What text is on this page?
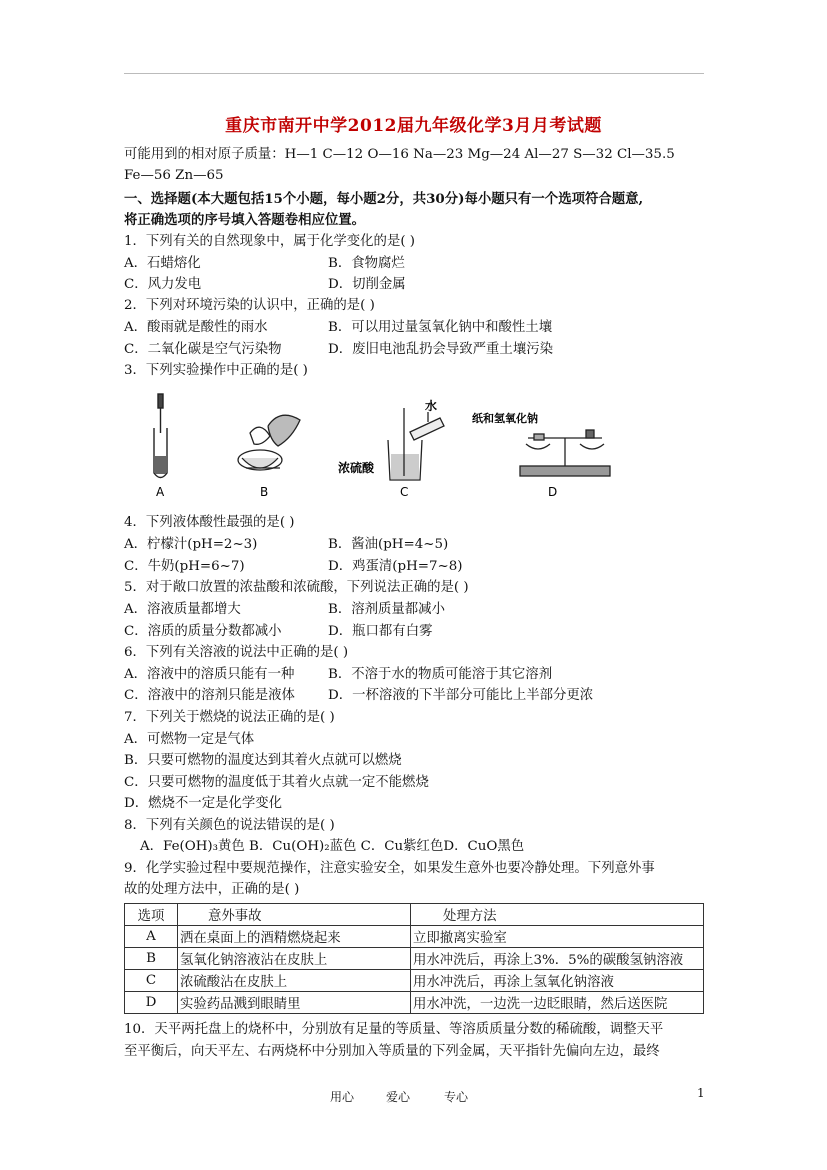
重庆市南开中学2012届九年级化学3月月考试题
可能用到的相对原子质量：H—1 C—12 O—16 Na—23 Mg—24 Al—27 S—32 Cl—35.5
Fe—56 Zn—65
一、选择题(本大题包括15个小题，每小题2分，共30分)每小题只有一个选项符合题意,
将正确选项的序号填入答题卷相应位置。
1．下列有关的自然现象中，属于化学变化的是( )
A．石蜡熔化	B．食物腐烂
C．风力发电	D．切削金属
2．下列对环境污染的认识中，正确的是( )
A．酸雨就是酸性的雨水	B．可以用过量氢氧化钠中和酸性土壤
C．二氧化碳是空气污染物	D．废旧电池乱扔会导致严重土壤污染
3．下列实验操作中正确的是( )
A	B
水
浓硫酸
C
纸和氢氧化钠
D
4．下列液体酸性最强的是( )
A．柠檬汁(pH=2~3)	B．酱油(pH=4~5)
C．牛奶(pH=6~7)	D．鸡蛋清(pH=7~8)
5．对于敞口放置的浓盐酸和浓硫酸，下列说法正确的是( )
A．溶液质量都增大	B．溶剂质量都减小
C．溶质的质量分数都减小	D．瓶口都有白雾
6．下列有关溶液的说法中正确的是( )
A．溶液中的溶质只能有一种	B．不溶于水的物质可能溶于其它溶剂
C．溶液中的溶剂只能是液体 D．一杯溶液的下半部分可能比上半部分更浓
7．下列关于燃烧的说法正确的是( )
A．可燃物一定是气体
B．只要可燃物的温度达到其着火点就可以燃烧
C．只要可燃物的温度低于其着火点就一定不能燃烧
D．燃烧不一定是化学变化
8．下列有关颜色的说法错误的是( )
A．Fe(OH)₃黄色 B．Cu(OH)₂蓝色 C．Cu紫红色D．CuO黑色
9．化学实验过程中要规范操作，注意实验安全，如果发生意外也要冷静处理。下列意外事
故的处理方法中，正确的是( )
选项	意外事故	处理方法
A	洒在桌面上的酒精燃烧起来	立即撤离实验室
B	氢氧化钠溶液沾在皮肤上	用水冲洗后，再涂上3%．5%的碳酸氢钠溶液
C	浓硫酸沾在皮肤上	用水冲洗后，再涂上氢氧化钠溶液
D	实验药品溅到眼睛里	用水冲洗，一边洗一边眨眼睛，然后送医院
10．天平两托盘上的烧杯中，分别放有足量的等质量、等溶质质量分数的稀硫酸，调整天平
至平衡后，向天平左、右两烧杯中分别加入等质量的下列金属，天平指针先偏向左边，最终
用心	爱心	专心	1
